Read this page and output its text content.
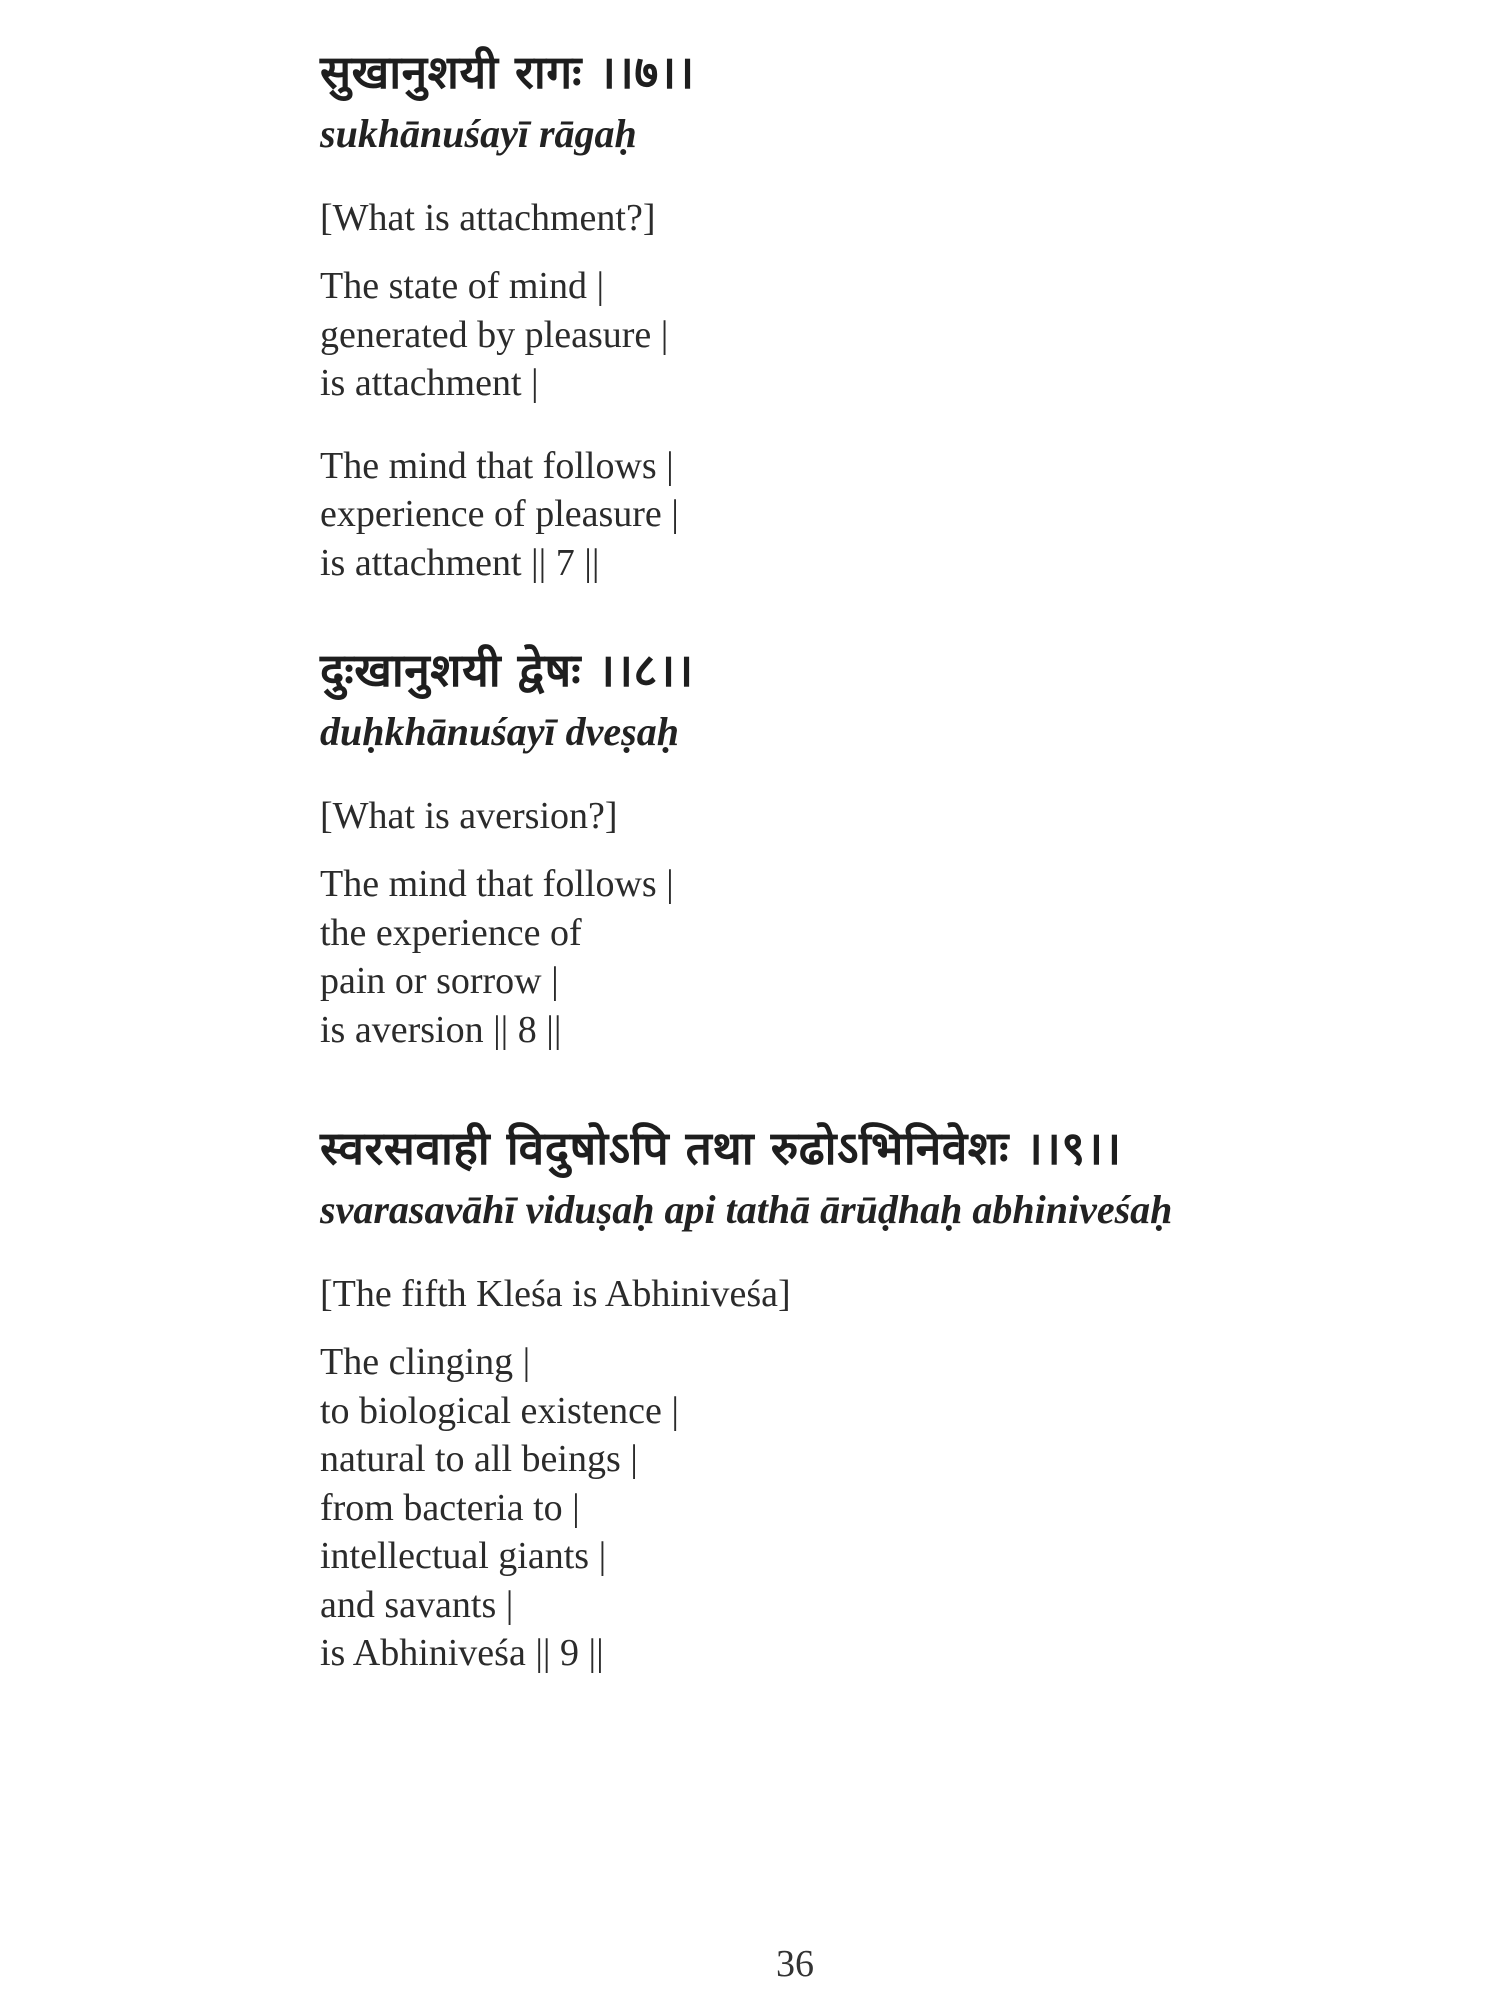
सुखानुशयी रागः ।।७।।
sukhānuśayī rāgaḥ
[What is attachment?]
The state of mind |
generated by pleasure |
is attachment |
The mind that follows |
experience of pleasure |
is attachment || 7 ||
दुःखानुशयी द्वेषः ।।८।।
duḥkhānuśayī dveṣaḥ
[What is aversion?]
The mind that follows |
the experience of
pain or sorrow |
is aversion || 8 ||
स्वरसवाही विदुषोऽपि तथा रुढोऽभिनिवेशः ।।९।।
svarasavāhī viduṣaḥ api tathā ārūḍhaḥ abhiniveśaḥ
[The fifth Kleśa is Abhiniveśa]
The clinging |
to biological existence |
natural to all beings |
from bacteria to |
intellectual giants |
and savants |
is Abhiniveśa || 9 ||
36
